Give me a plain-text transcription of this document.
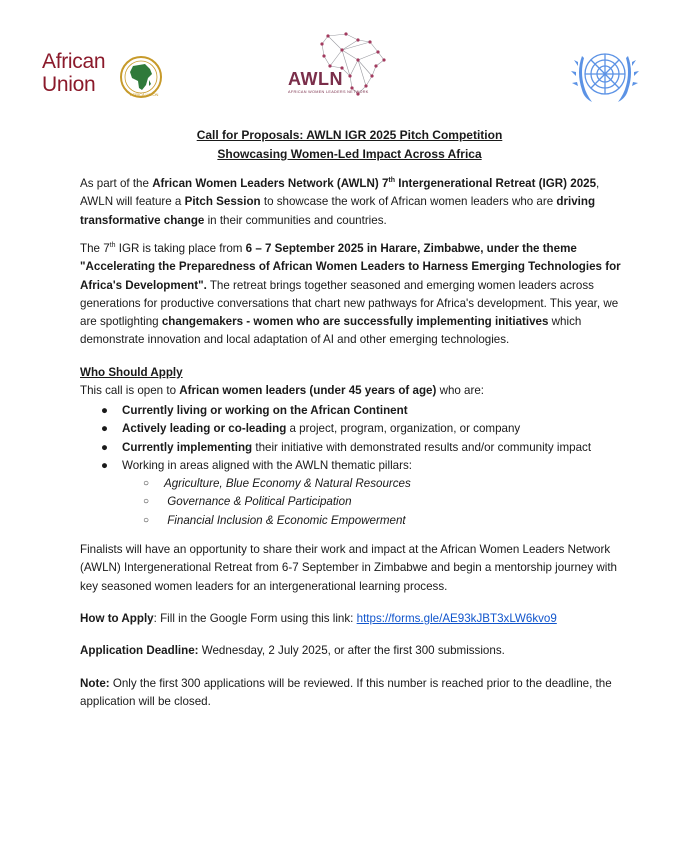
African
Union	AFRICA UNION
AWLN
AFRICAN WOMEN LEADERS NETWORK
Call for Proposals: AWLN IGR 2025 Pitch Competition
Showcasing Women-Led Impact Across Africa

As part of the African Women Leaders Network (AWLN) 7th Intergenerational Retreat (IGR) 2025, AWLN will feature a Pitch Session to showcase the work of African women leaders who are driving transformative change in their communities and countries.

The 7th IGR is taking place from 6 – 7 September 2025 in Harare, Zimbabwe, under the theme "Accelerating the Preparedness of African Women Leaders to Harness Emerging Technologies for Africa's Development". The retreat brings together seasoned and emerging women leaders across generations for productive conversations that chart new pathways for Africa's development. This year, we are spotlighting changemakers - women who are successfully implementing initiatives which demonstrate innovation and local adaptation of AI and other emerging technologies.

Who Should Apply
This call is open to African women leaders (under 45 years of age) who are:
● Currently living or working on the African Continent
● Actively leading or co-leading a project, program, organization, or company
● Currently implementing their initiative with demonstrated results and/or community impact
● Working in areas aligned with the AWLN thematic pillars:
○ Agriculture, Blue Economy & Natural Resources
○ Governance & Political Participation
○ Financial Inclusion & Economic Empowerment

Finalists will have an opportunity to share their work and impact at the African Women Leaders Network (AWLN) Intergenerational Retreat from 6-7 September in Zimbabwe and begin a mentorship journey with key seasoned women leaders for an intergenerational learning process.

How to Apply: Fill in the Google Form using this link: https://forms.gle/AE93kJBT3xLW6kvo9

Application Deadline: Wednesday, 2 July 2025, or after the first 300 submissions.

Note: Only the first 300 applications will be reviewed. If this number is reached prior to the deadline, the application will be closed.
